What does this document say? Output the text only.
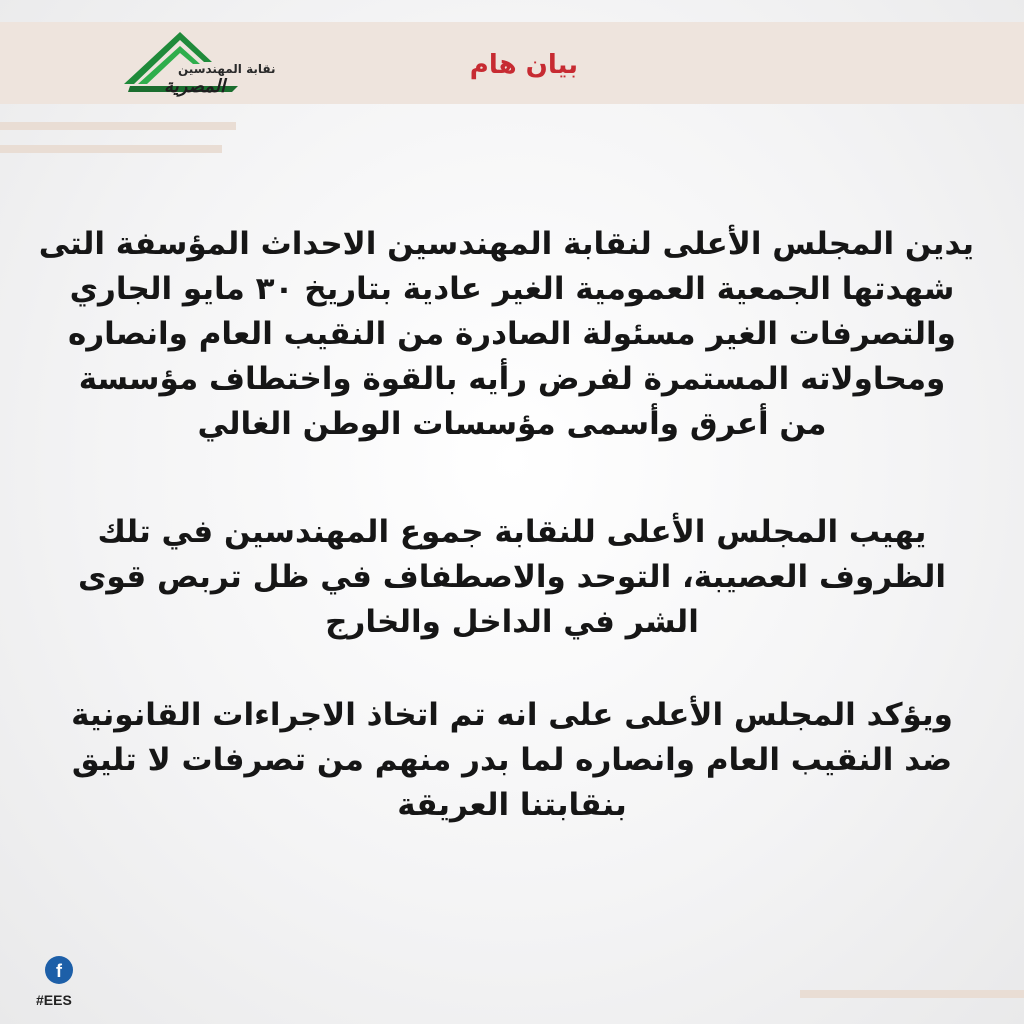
نقابة المهندسين
المصرية
بيان هام
يدين المجلس الأعلى لنقابة المهندسين الاحداث المؤسفة التى
شهدتها الجمعية العمومية الغير عادية بتاريخ ٣٠ مايو الجاري
والتصرفات الغير مسئولة الصادرة من النقيب العام وانصاره
ومحاولاته المستمرة لفرض رأيه بالقوة واختطاف مؤسسة
من أعرق وأسمى مؤسسات الوطن الغالي
يهيب المجلس الأعلى للنقابة جموع المهندسين في تلك
الظروف العصيبة، التوحد والاصطفاف في ظل تربص قوى
الشر في الداخل والخارج
ويؤكد المجلس الأعلى على انه تم اتخاذ الاجراءات القانونية
ضد النقيب العام وانصاره لما بدر منهم من تصرفات لا تليق
بنقابتنا العريقة
f
#EES
